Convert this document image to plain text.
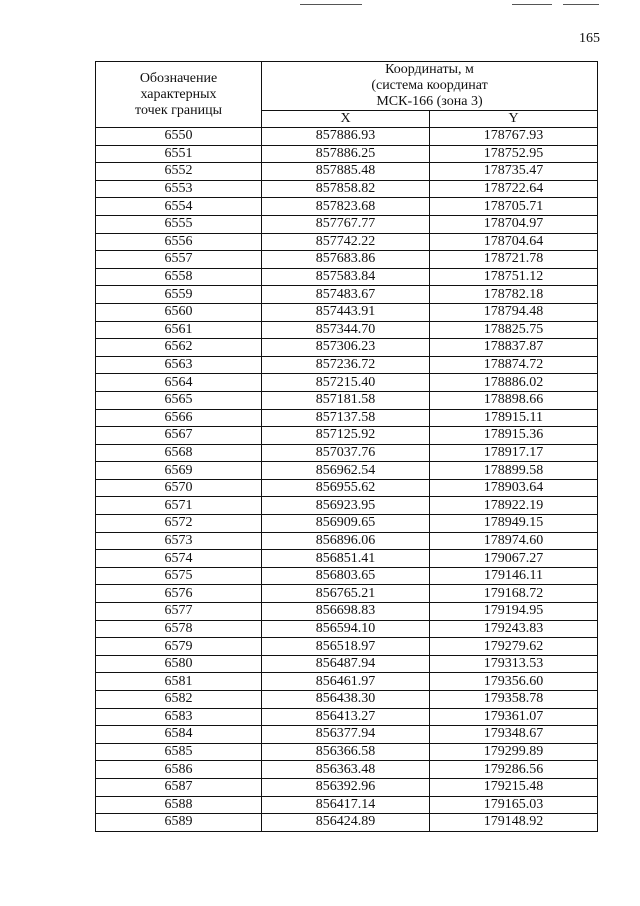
165
Обозначение
характерных
точек границы	Координаты, м
(система координат
МСК-166 (зона 3)	

	X	Y
6550	857886.93	178767.93
6551	857886.25	178752.95
6552	857885.48	178735.47
6553	857858.82	178722.64
6554	857823.68	178705.71
6555	857767.77	178704.97
6556	857742.22	178704.64
6557	857683.86	178721.78
6558	857583.84	178751.12
6559	857483.67	178782.18
6560	857443.91	178794.48
6561	857344.70	178825.75
6562	857306.23	178837.87
6563	857236.72	178874.72
6564	857215.40	178886.02
6565	857181.58	178898.66
6566	857137.58	178915.11
6567	857125.92	178915.36
6568	857037.76	178917.17
6569	856962.54	178899.58
6570	856955.62	178903.64
6571	856923.95	178922.19
6572	856909.65	178949.15
6573	856896.06	178974.60
6574	856851.41	179067.27
6575	856803.65	179146.11
6576	856765.21	179168.72
6577	856698.83	179194.95
6578	856594.10	179243.83
6579	856518.97	179279.62
6580	856487.94	179313.53
6581	856461.97	179356.60
6582	856438.30	179358.78
6583	856413.27	179361.07
6584	856377.94	179348.67
6585	856366.58	179299.89
6586	856363.48	179286.56
6587	856392.96	179215.48
6588	856417.14	179165.03
6589	856424.89	179148.92
